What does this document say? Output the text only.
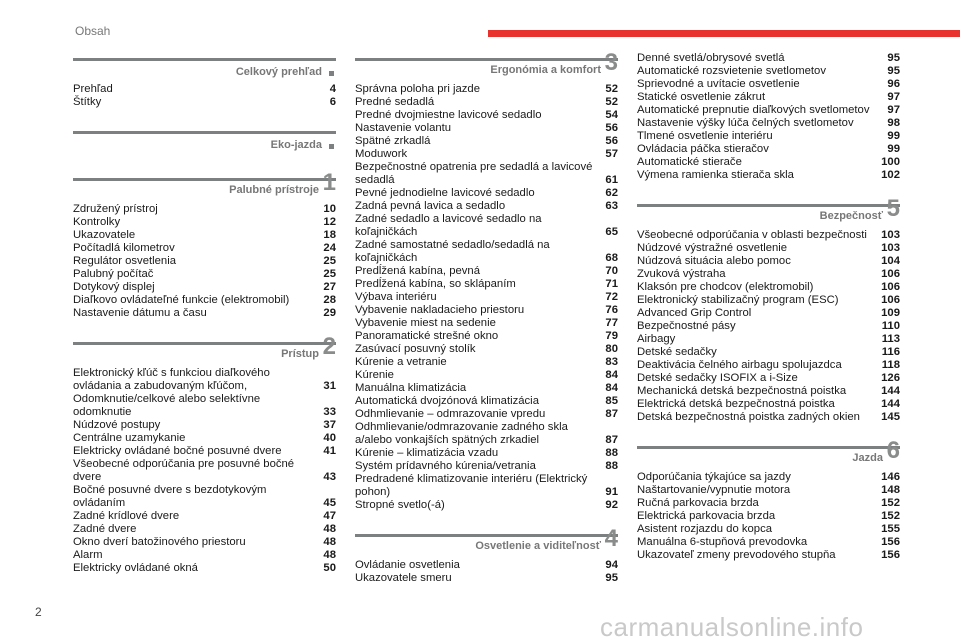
Obsah
Celkový prehľad
Prehľad	4
Štítky	6
Eko-jazda
Palubné prístroje 1
Združený prístroj	10
Kontrolky	12
Ukazovatele	18
Počítadlá kilometrov	24
Regulátor osvetlenia	25
Palubný počítač	25
Dotykový displej	27
Diaľkovo ovládateľné funkcie (elektromobil)	28
Nastavenie dátumu a času	29
Prístup 2
Elektronický kľúč s funkciou diaľkového ovládania a zabudovaným kľúčom,	31
Odomknutie/celkové alebo selektívne odomknutie	33
Núdzové postupy	37
Centrálne uzamykanie	40
Elektricky ovládané bočné posuvné dvere	41
Všeobecné odporúčania pre posuvné bočné dvere	43
Bočné posuvné dvere s bezdotykovým ovládaním	45
Zadné krídlové dvere	47
Zadné dvere	48
Okno dverí batožinového priestoru	48
Alarm	48
Elektricky ovládané okná	50
Ergonómia a komfort 3
Správna poloha pri jazde	52
Predné sedadlá	52
Predné dvojmiestne lavicové sedadlo	54
Nastavenie volantu	56
Spätné zrkadlá	56
Moduwork	57
Bezpečnostné opatrenia pre sedadlá a lavicové sedadlá	61
Pevné jednodielne lavicové sedadlo	62
Zadná pevná lavica a sedadlo	63
Zadné sedadlo a lavicové sedadlo na koľajničkách	65
Zadné samostatné sedadlo/sedadlá na koľajničkách	68
Predĺžená kabína, pevná	70
Predĺžená kabína, so sklápaním	71
Výbava interiéru	72
Vybavenie nakladacieho priestoru	76
Vybavenie miest na sedenie	77
Panoramatické strešné okno	79
Zasúvací posuvný stolík	80
Kúrenie a vetranie	83
Kúrenie	84
Manuálna klimatizácia	84
Automatická dvojzónová klimatizácia	85
Odhmlievanie – odmrazovanie vpredu	87
Odhmlievanie/odmrazovanie zadného skla a/alebo vonkajších spätných zrkadiel	87
Kúrenie – klimatizácia vzadu	88
Systém prídavného kúrenia/vetrania	88
Predradené klimatizovanie interiéru (Elektrický pohon)	91
Stropné svetlo(-á)	92
Osvetlenie a viditeľnosť 4
Ovládanie osvetlenia	94
Ukazovatele smeru	95
Denné svetlá/obrysové svetlá	95
Automatické rozsvietenie svetlometov	95
Sprievodné a uvítacie osvetlenie	96
Statické osvetlenie zákrut	97
Automatické prepnutie diaľkových svetlometov	97
Nastavenie výšky lúča čelných svetlometov	98
Tlmené osvetlenie interiéru	99
Ovládacia páčka stieračov	99
Automatické stierače	100
Výmena ramienka stierača skla	102
Bezpečnosť 5
Všeobecné odporúčania v oblasti bezpečnosti	103
Núdzové výstražné osvetlenie	103
Núdzová situácia alebo pomoc	104
Zvuková výstraha	106
Klaksón pre chodcov (elektromobil)	106
Elektronický stabilizačný program (ESC)	106
Advanced Grip Control	109
Bezpečnostné pásy	110
Airbagy	113
Detské sedačky	116
Deaktivácia čelného airbagu spolujazdca	118
Detské sedačky ISOFIX a i-Size	126
Mechanická detská bezpečnostná poistka	144
Elektrická detská bezpečnostná poistka	144
Detská bezpečnostná poistka zadných okien	145
Jazda 6
Odporúčania týkajúce sa jazdy	146
Naštartovanie/vypnutie motora	148
Ručná parkovacia brzda	152
Elektrická parkovacia brzda	152
Asistent rozjazdu do kopca	155
Manuálna 6-stupňová prevodovka	156
Ukazovateľ zmeny prevodového stupňa	156
2	carmanualsonline.info
